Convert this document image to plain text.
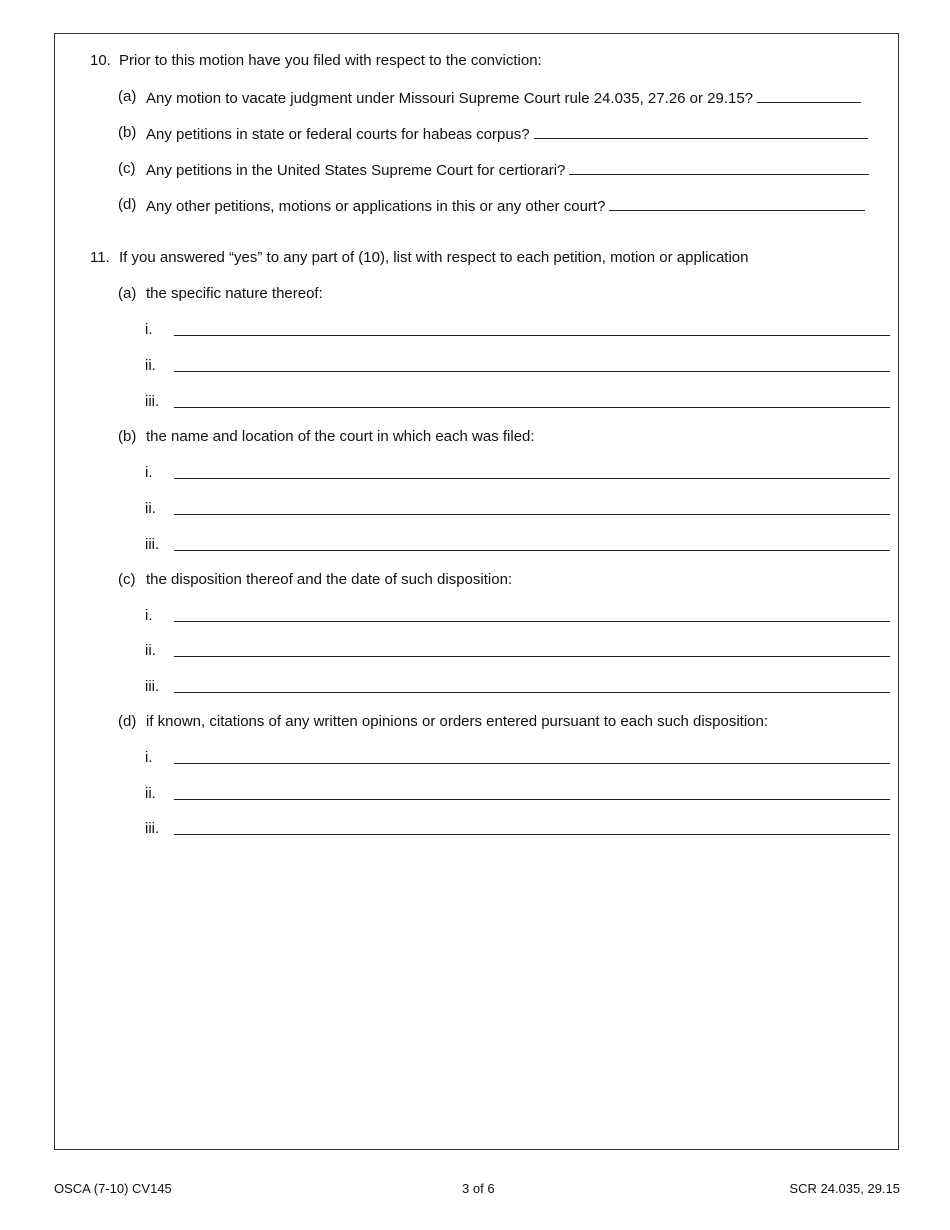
10. Prior to this motion have you filed with respect to the conviction:
(a) Any motion to vacate judgment under Missouri Supreme Court rule 24.035, 27.26 or 29.15?
(b) Any petitions in state or federal courts for habeas corpus?
(c) Any petitions in the United States Supreme Court for certiorari?
(d) Any other petitions, motions or applications in this or any other court?
11. If you answered “yes” to any part of (10), list with respect to each petition, motion or application
(a) the specific nature thereof:
i.
ii.
iii.
(b) the name and location of the court in which each was filed:
i.
ii.
iii.
(c) the disposition thereof and the date of such disposition:
i.
ii.
iii.
(d) if known, citations of any written opinions or orders entered pursuant to each such disposition:
i.
ii.
iii.
OSCA (7-10) CV145	3 of 6	SCR 24.035, 29.15
